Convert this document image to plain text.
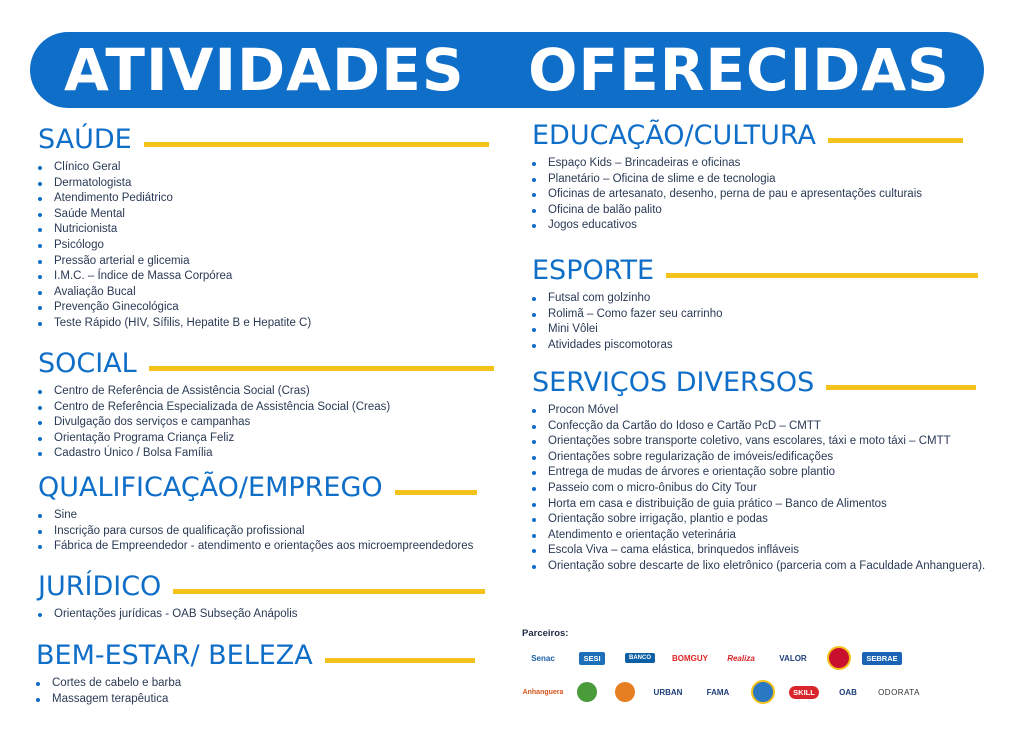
ATIVIDADES   OFERECIDAS
SAÚDE
Clínico Geral
Dermatologista
Atendimento Pediátrico
Saúde Mental
Nutricionista
Psicólogo
Pressão arterial e glicemia
I.M.C. – Índice de Massa Corpórea
Avaliação Bucal
Prevenção Ginecológica
Teste Rápido (HIV, Sífilis, Hepatite B e Hepatite C)
SOCIAL
Centro de Referência de Assistência Social (Cras)
Centro de Referência Especializada de Assistência Social (Creas)
Divulgação dos serviços e campanhas
Orientação Programa Criança Feliz
Cadastro Único / Bolsa Família
QUALIFICAÇÃO/EMPREGO
Sine
Inscrição para cursos de qualificação profissional
Fábrica de Empreendedor - atendimento e orientações aos microempreendedores
JURÍDICO
Orientações jurídicas - OAB Subseção Anápolis
BEM-ESTAR/ BELEZA
Cortes de cabelo e barba
Massagem terapêutica
EDUCAÇÃO/CULTURA
Espaço Kids – Brincadeiras e oficinas
Planetário – Oficina de slime e de tecnologia
Oficinas de artesanato, desenho, perna de pau e apresentações culturais
Oficina de balão palito
Jogos educativos
ESPORTE
Futsal com golzinho
Rolimã – Como fazer seu carrinho
Mini Vôlei
Atividades piscomotoras
SERVIÇOS DIVERSOS
Procon Móvel
Confecção da Cartão do Idoso e Cartão PcD – CMTT
Orientações sobre transporte coletivo, vans escolares, táxi e moto táxi – CMTT
Orientações sobre regularização de imóveis/edificações
Entrega de mudas de árvores e orientação sobre plantio
Passeio com o micro-ônibus do City Tour
Horta em casa e distribuição de guia prático – Banco de Alimentos
Orientação sobre irrigação, plantio e podas
Atendimento e orientação veterinária
Escola Viva – cama elástica, brinquedos infláveis
Orientação sobre descarte de lixo eletrônico (parceria com a Faculdade Anhanguera).
Parceiros:
Senac	SESI	BANCO	BOMGUY Realiza	VALOR	SEBRAE
Anhanguera	URBAN	FAMA	SKILL	OAB	ODORATA
